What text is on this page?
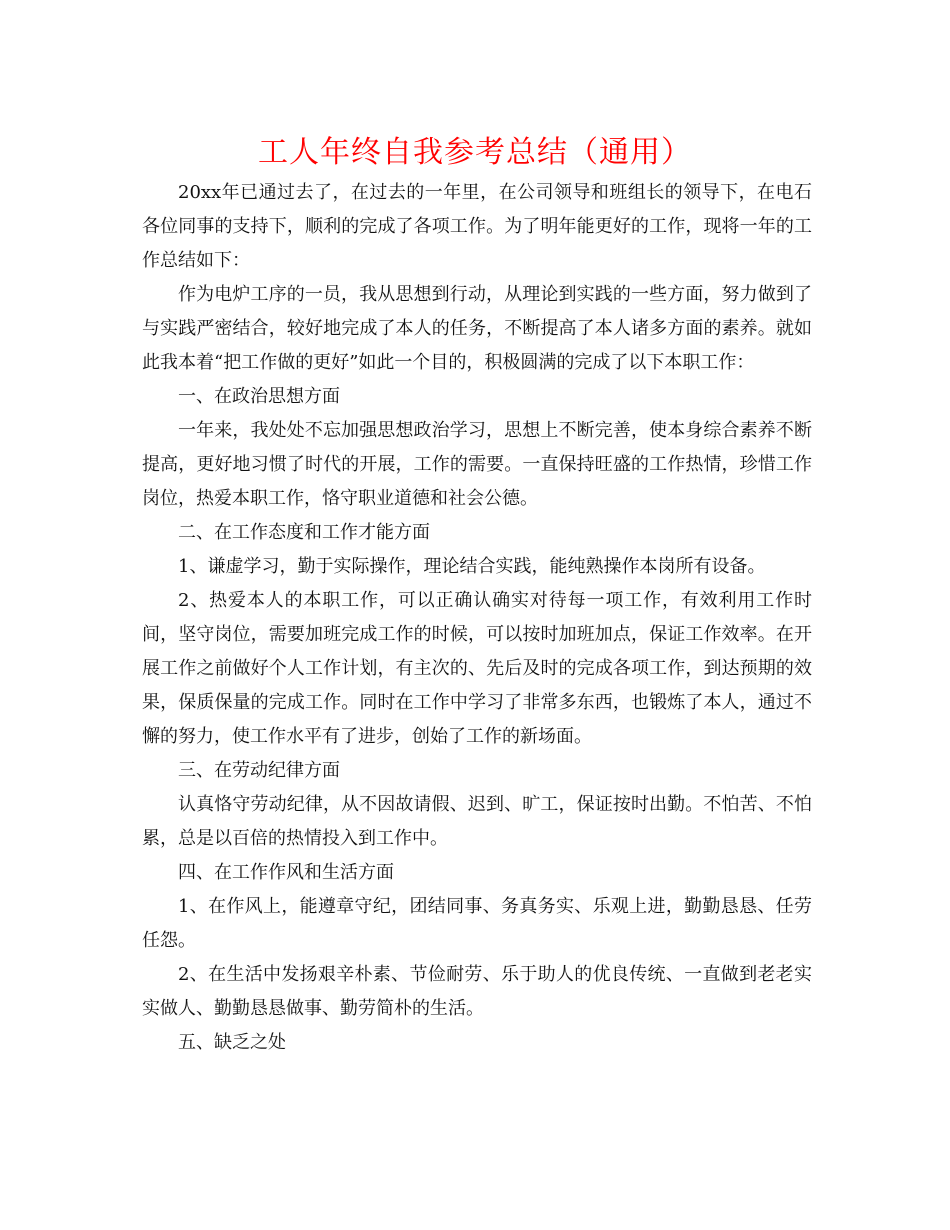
工人年终自我参考总结（通用）

20xx年已通过去了，在过去的一年里，在公司领导和班组长的领导下，在电石各位同事的支持下，顺利的完成了各项工作。为了明年能更好的工作，现将一年的工作总结如下：

作为电炉工序的一员，我从思想到行动，从理论到实践的一些方面，努力做到了与实践严密结合，较好地完成了本人的任务，不断提高了本人诸多方面的素养。就如此我本着“把工作做的更好”如此一个目的，积极圆满的完成了以下本职工作：

一、在政治思想方面

一年来，我处处不忘加强思想政治学习，思想上不断完善，使本身综合素养不断提高，更好地习惯了时代的开展，工作的需要。一直保持旺盛的工作热情，珍惜工作岗位，热爱本职工作，恪守职业道德和社会公德。

二、在工作态度和工作才能方面

1、谦虚学习，勤于实际操作，理论结合实践，能纯熟操作本岗所有设备。

2、热爱本人的本职工作，可以正确认确实对待每一项工作，有效利用工作时间，坚守岗位，需要加班完成工作的时候，可以按时加班加点，保证工作效率。在开展工作之前做好个人工作计划，有主次的、先后及时的完成各项工作，到达预期的效果，保质保量的完成工作。同时在工作中学习了非常多东西，也锻炼了本人，通过不懈的努力，使工作水平有了进步，创始了工作的新场面。

三、在劳动纪律方面

认真恪守劳动纪律，从不因故请假、迟到、旷工，保证按时出勤。不怕苦、不怕累，总是以百倍的热情投入到工作中。

四、在工作作风和生活方面

1、在作风上，能遵章守纪，团结同事、务真务实、乐观上进，勤勤恳恳、任劳任怨。

2、在生活中发扬艰辛朴素、节俭耐劳、乐于助人的优良传统、一直做到老老实实做人、勤勤恳恳做事、勤劳简朴的生活。

五、缺乏之处
